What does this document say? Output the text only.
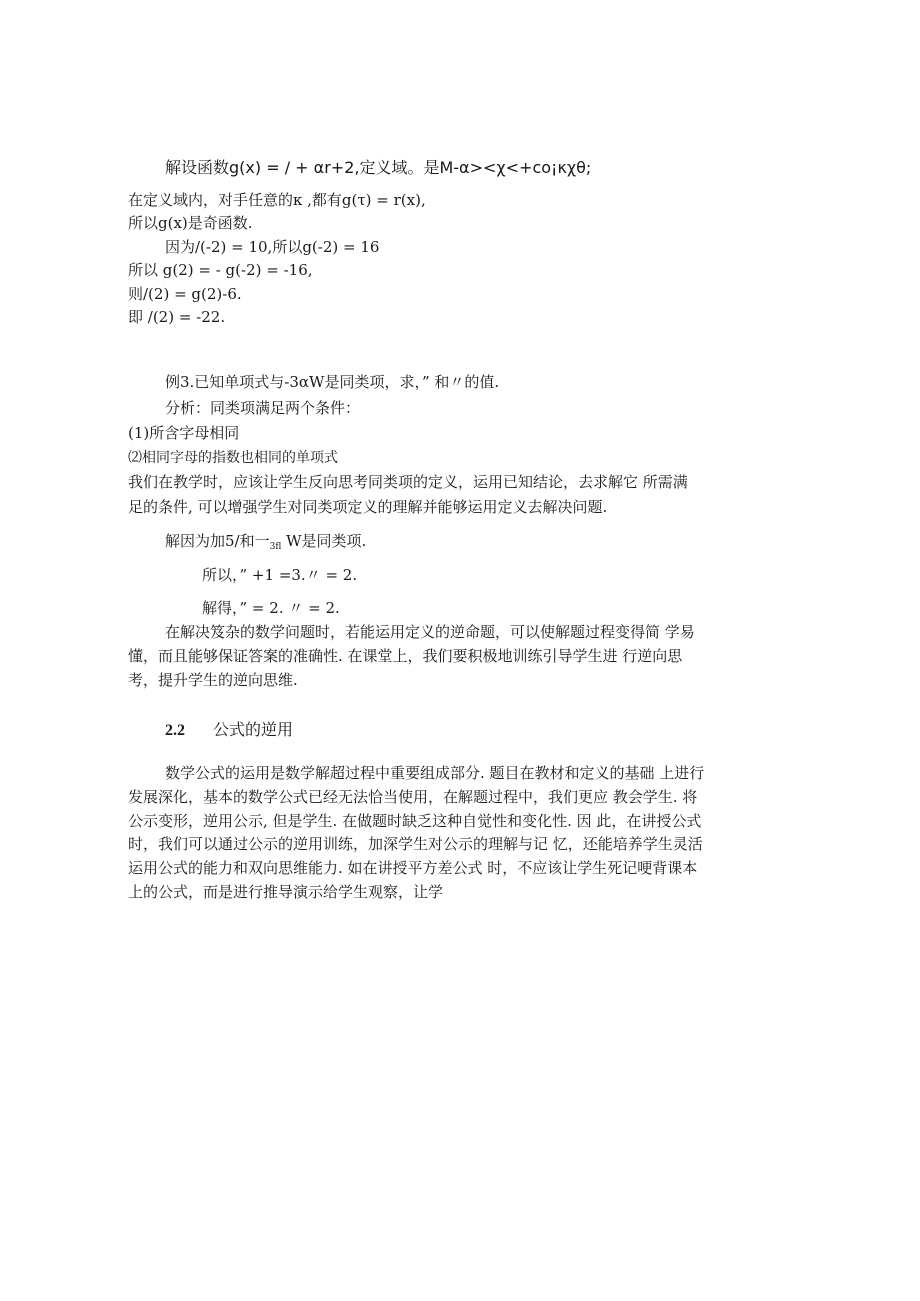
解设函数g(x) = ∕ + αr+2,定义域。是M-α><χ<+co¡κχθ;
在定义域内，对手任意的κ ,都有g(τ) = r(x),
所以g(x)是奇函数.
因为/(-2) = 10,所以g(-2) = 16
所以 g(2) = - g(-2) = -16,
则/(2) = g(2)-6.
即 /(2) = -22.
例3.已知单项式与-3αW是同类项，求，” 和〃的值.
分析：同类项满足两个条件：
(1)所含字母相同
⑵相同字母的指数也相同的单项式
我们在教学时，应该让学生反向思考同类项的定义，运用已知结论，去求解它 所需满
足的条件, 可以增强学生对同类项定义的理解并能够运用定义去解决问题.
解因为加5/和一$_{3fl}$ W是同类项.
所以，” +1 =3.〃 = 2.
解得，” = 2. 〃 = 2.
在解决笈杂的数学问题时，若能运用定义的逆命题，可以使解题过程变得简 学易
懂，而且能够保证答案的准确性. 在课堂上，我们要积极地训练引导学生进 行逆向思
考，提升学生的逆向思维.
2.2 公式的逆用
数学公式的运用是数学解超过程中重要组成部分. 题目在教材和定义的基础 上进行
发展深化，基本的数学公式已经无法恰当使用，在解题过程中，我们更应 教会学生. 将
公示变形，逆用公示, 但是学生. 在做题时缺乏这种自觉性和变化性. 因 此，在讲授公式
时，我们可以通过公示的逆用训练，加深学生对公示的理解与记 忆，还能培养学生灵活
运用公式的能力和双向思维能力. 如在讲授平方差公式 时，不应该让学生死记哽背课本
上的公式，而是进行推导演示给学生观察，让学
